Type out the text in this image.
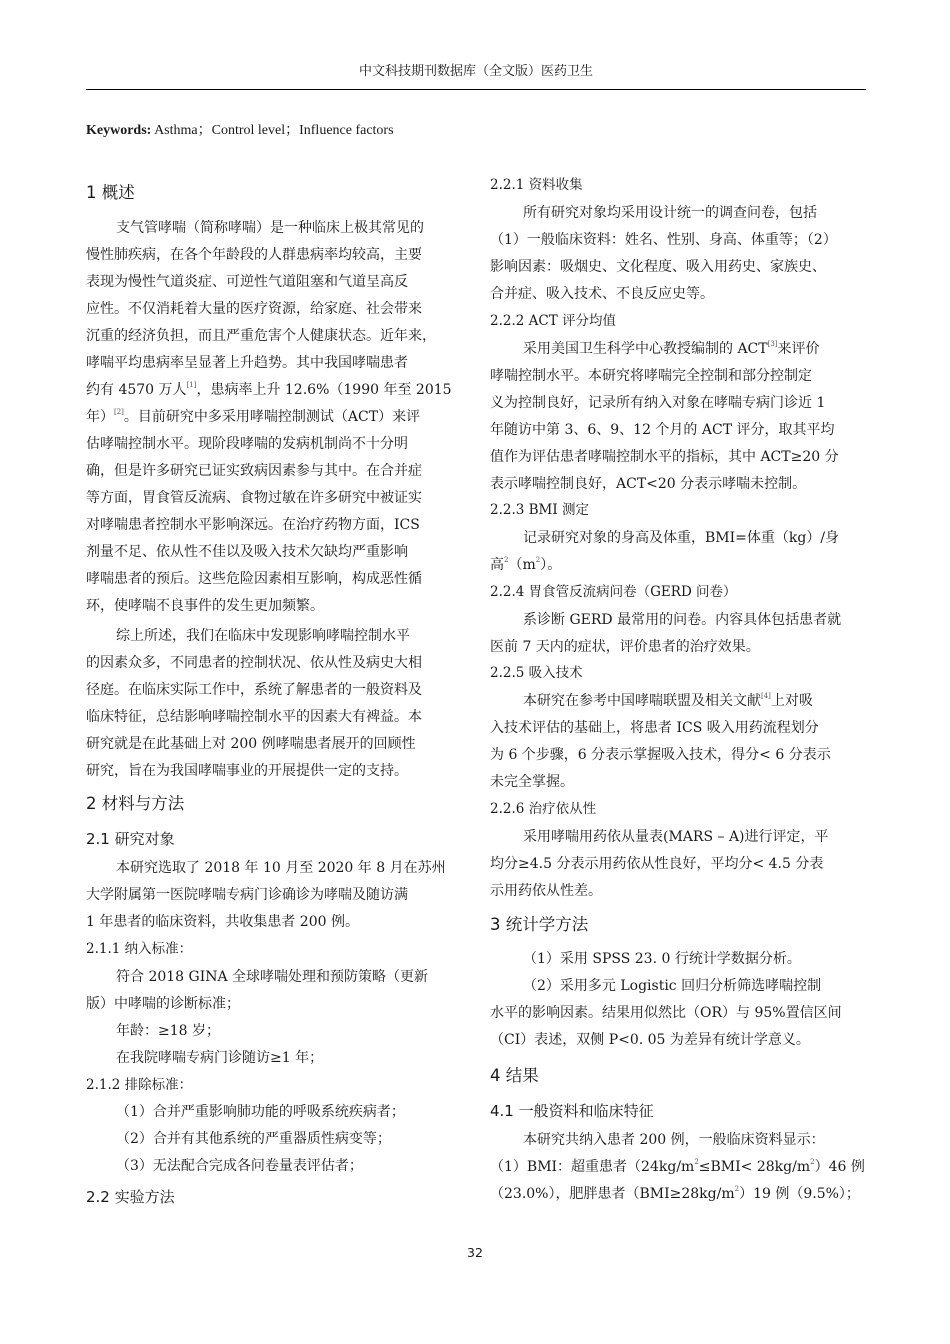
中文科技期刊数据库（全文版）医药卫生
Keywords: Asthma；Control level；Influence factors
1 概述
支气管哮喘（简称哮喘）是一种临床上极其常见的
慢性肺疾病，在各个年龄段的人群患病率均较高，主要
表现为慢性气道炎症、可逆性气道阻塞和气道呈高反
应性。不仅消耗着大量的医疗资源，给家庭、社会带来
沉重的经济负担，而且严重危害个人健康状态。近年来，
哮喘平均患病率呈显著上升趋势。其中我国哮喘患者
约有 4570 万人[1]，患病率上升 12.6%（1990 年至 2015
年）[2]。目前研究中多采用哮喘控制测试（ACT）来评
估哮喘控制水平。现阶段哮喘的发病机制尚不十分明
确，但是许多研究已证实致病因素参与其中。在合并症
等方面，胃食管反流病、食物过敏在许多研究中被证实
对哮喘患者控制水平影响深远。在治疗药物方面，ICS
剂量不足、依从性不佳以及吸入技术欠缺均严重影响
哮喘患者的预后。这些危险因素相互影响，构成恶性循
环，使哮喘不良事件的发生更加频繁。
综上所述，我们在临床中发现影响哮喘控制水平
的因素众多，不同患者的控制状况、依从性及病史大相
径庭。在临床实际工作中，系统了解患者的一般资料及
临床特征，总结影响哮喘控制水平的因素大有裨益。本
研究就是在此基础上对 200 例哮喘患者展开的回顾性
研究，旨在为我国哮喘事业的开展提供一定的支持。
2 材料与方法
2.1 研究对象
本研究选取了 2018 年 10 月至 2020 年 8 月在苏州
大学附属第一医院哮喘专病门诊确诊为哮喘及随访满
1 年患者的临床资料，共收集患者 200 例。
2.1.1 纳入标准：
符合 2018 GINA 全球哮喘处理和预防策略（更新
版）中哮喘的诊断标准；
年龄：≥18 岁；
在我院哮喘专病门诊随访≥1 年；
2.1.2 排除标准：
（1）合并严重影响肺功能的呼吸系统疾病者；
（2）合并有其他系统的严重器质性病变等；
（3）无法配合完成各问卷量表评估者；
2.2 实验方法
2.2.1 资料收集
所有研究对象均采用设计统一的调查问卷，包括
（1）一般临床资料：姓名、性别、身高、体重等；（2）
影响因素：吸烟史、文化程度、吸入用药史、家族史、
合并症、吸入技术、不良反应史等。
2.2.2 ACT 评分均值
采用美国卫生科学中心教授编制的 ACT[3]来评价
哮喘控制水平。本研究将哮喘完全控制和部分控制定
义为控制良好，记录所有纳入对象在哮喘专病门诊近 1
年随访中第 3、6、9、12 个月的 ACT 评分，取其平均
值作为评估患者哮喘控制水平的指标，其中 ACT≥20 分
表示哮喘控制良好，ACT<20 分表示哮喘未控制。
2.2.3 BMI 测定
记录研究对象的身高及体重，BMI=体重（kg）/身
高$^2(m^2)$。
2.2.4 胃食管反流病问卷（GERD 问卷）
系诊断 GERD 最常用的问卷。内容具体包括患者就
医前 7 天内的症状，评价患者的治疗效果。
2.2.5 吸入技术
本研究在参考中国哮喘联盟及相关文献[4]上对吸
入技术评估的基础上，将患者 ICS 吸入用药流程划分
为 6 个步骤，6 分表示掌握吸入技术，得分< 6 分表示
未完全掌握。
2.2.6 治疗依从性
采用哮喘用药依从量表(MARS – A)进行评定，平
均分≥4.5 分表示用药依从性良好，平均分< 4.5 分表
示用药依从性差。
3 统计学方法
（1）采用 SPSS 23. 0 行统计学数据分析。
（2）采用多元 Logistic 回归分析筛选哮喘控制
水平的影响因素。结果用似然比（OR）与 95%置信区间
（CI）表述，双侧 P<0. 05 为差异有统计学意义。
4 结果
4.1 一般资料和临床特征
本研究共纳入患者 200 例，一般临床资料显示：
（1）BMI：超重患者$(24kg/m^2\le BMI< 28kg/m^2)46$ 例
（23.0%），肥胖患者$(BMI\ge 28kg/m^2)19$ 例（9.5%）；
32
